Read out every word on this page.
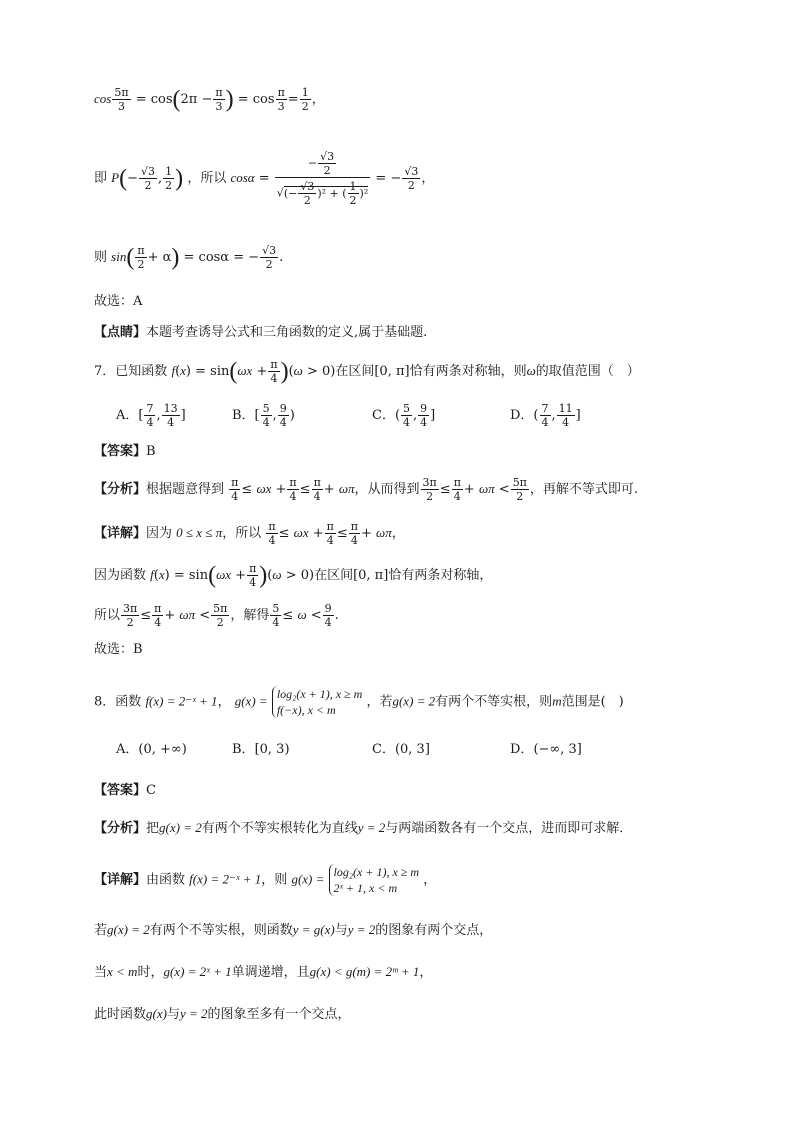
$\cos \frac{5\pi}{3} = \cos(2\pi - \frac{\pi}{3}$ ) = $\cos \frac{\pi}{3} = \frac{1}{2}$ ，
即 $P(- \frac{√3}{2}$ , $\frac{1}{2}$ ) ，所以 $\cos\alpha = \frac{- \frac{√3}{2}}{√(- \frac{√3}{2} )^2 + ( \frac{1}{2} )^2}$ = − $\frac{√3}{2}$ ，
则 $\sin( \frac{\pi}{2} + \alpha) = \cos\alpha$ = − $\frac{√3}{2}$ .
故选：A
【点睛】本题考查诱导公式和三角函数的定义,属于基础题.
7．已知函数 $f(x) = \sin(\omega x + \frac{\pi}{4} )(\omega > 0)$在区间[0, π]恰有两条对称轴，则ω的取值范围（　）
A．[ $\frac{7}{4}$ , $\frac{13}{4}$ ]	B．[ $\frac{5}{4}$ , $\frac{9}{4}$ )	C．( $\frac{5}{4}$ , $\frac{9}{4}$ ]	D．( $\frac{7}{4}$ , $\frac{11}{4}$ ]
【答案】B
【分析】根据题意得到 $\frac{\pi}{4} \le \omega x + \frac{\pi}{4} \le \frac{\pi}{4} + \omega\pi$，从而得到 $\frac{3\pi}{2} \le \frac{\pi}{4} + \omega\pi < \frac{5\pi}{2}$ ，再解不等式即可.
【详解】因为 0 ≤ x ≤ π，所以 $\frac{\pi}{4} \le \omega x + \frac{\pi}{4} \le \frac{\pi}{4} + \omega\pi$，
因为函数 $f(x) = \sin(\omega x + \frac{\pi}{4} )(\omega > 0)$在区间[0, π]恰有两条对称轴，
所以 $\frac{3\pi}{2} \le \frac{\pi}{4} + \omega\pi < \frac{5\pi}{2}$ ，解得 $\frac{5}{4} \le \omega < \frac{9}{4}$ .
故选：B
8．函数 f(x) = 2⁻ˣ + 1， g(x) = log₂(x + 1), x ≥ m
f(−x), x < m ，若g(x) = 2有两个不等实根，则m范围是(　)
A．(0, +∞)	B．[0, 3)	C．(0, 3]	D．(−∞, 3]
【答案】C
【分析】把g(x) = 2有两个不等实根转化为直线y = 2与两端函数各有一个交点，进而即可求解．
【详解】由函数 f(x) = 2⁻ˣ + 1，则 g(x) = log₂(x + 1), x ≥ m
2ˣ + 1, x < m ，
若g(x) = 2有两个不等实根，则函数y = g(x)与y = 2的图象有两个交点，
当x < m时，g(x) = 2ˣ + 1单调递增，且g(x) < g(m) = 2ᵐ + 1，
此时函数g(x)与y = 2的图象至多有一个交点，
